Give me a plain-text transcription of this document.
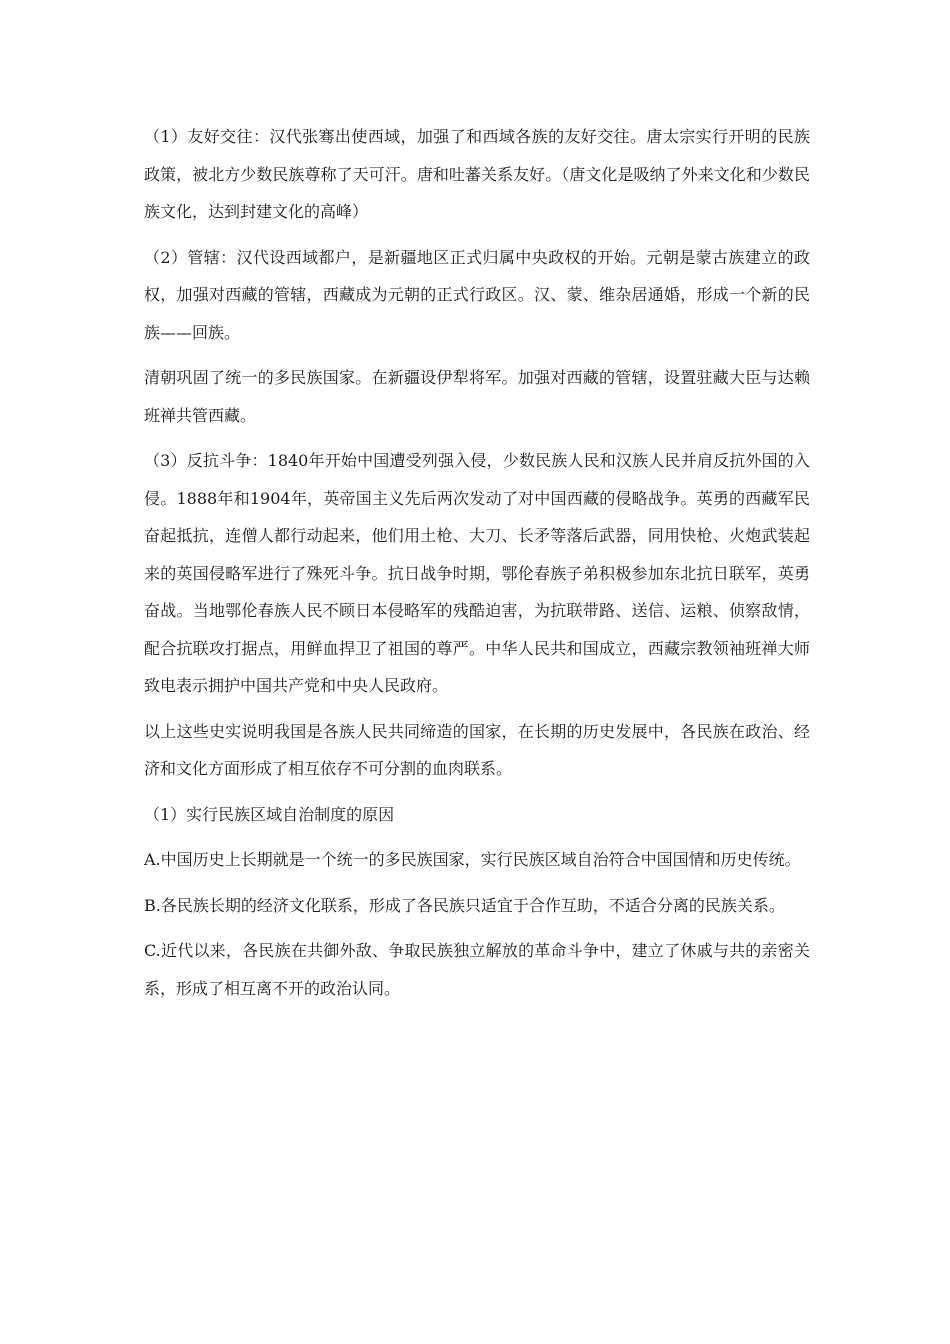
（1）友好交往：汉代张骞出使西域，加强了和西域各族的友好交往。唐太宗实行开明的民族政策，被北方少数民族尊称了天可汗。唐和吐蕃关系友好。（唐文化是吸纳了外来文化和少数民族文化，达到封建文化的高峰）

（2）管辖：汉代设西域都户，是新疆地区正式归属中央政权的开始。元朝是蒙古族建立的政权，加强对西藏的管辖，西藏成为元朝的正式行政区。汉、蒙、维杂居通婚，形成一个新的民族——回族。

清朝巩固了统一的多民族国家。在新疆设伊犁将军。加强对西藏的管辖，设置驻藏大臣与达赖班禅共管西藏。

（3）反抗斗争：1840年开始中国遭受列强入侵，少数民族人民和汉族人民并肩反抗外国的入侵。1888年和1904年，英帝国主义先后两次发动了对中国西藏的侵略战争。英勇的西藏军民奋起抵抗，连僧人都行动起来，他们用土枪、大刀、长矛等落后武器，同用快枪、火炮武装起来的英国侵略军进行了殊死斗争。抗日战争时期，鄂伦春族子弟积极参加东北抗日联军，英勇奋战。当地鄂伦春族人民不顾日本侵略军的残酷迫害，为抗联带路、送信、运粮、侦察敌情，配合抗联攻打据点，用鲜血捍卫了祖国的尊严。中华人民共和国成立，西藏宗教领袖班禅大师致电表示拥护中国共产党和中央人民政府。

以上这些史实说明我国是各族人民共同缔造的国家，在长期的历史发展中，各民族在政治、经济和文化方面形成了相互依存不可分割的血肉联系。

（1）实行民族区域自治制度的原因

A.中国历史上长期就是一个统一的多民族国家，实行民族区域自治符合中国国情和历史传统。

B.各民族长期的经济文化联系，形成了各民族只适宜于合作互助，不适合分离的民族关系。

C.近代以来，各民族在共御外敌、争取民族独立解放的革命斗争中，建立了休戚与共的亲密关系，形成了相互离不开的政治认同。
